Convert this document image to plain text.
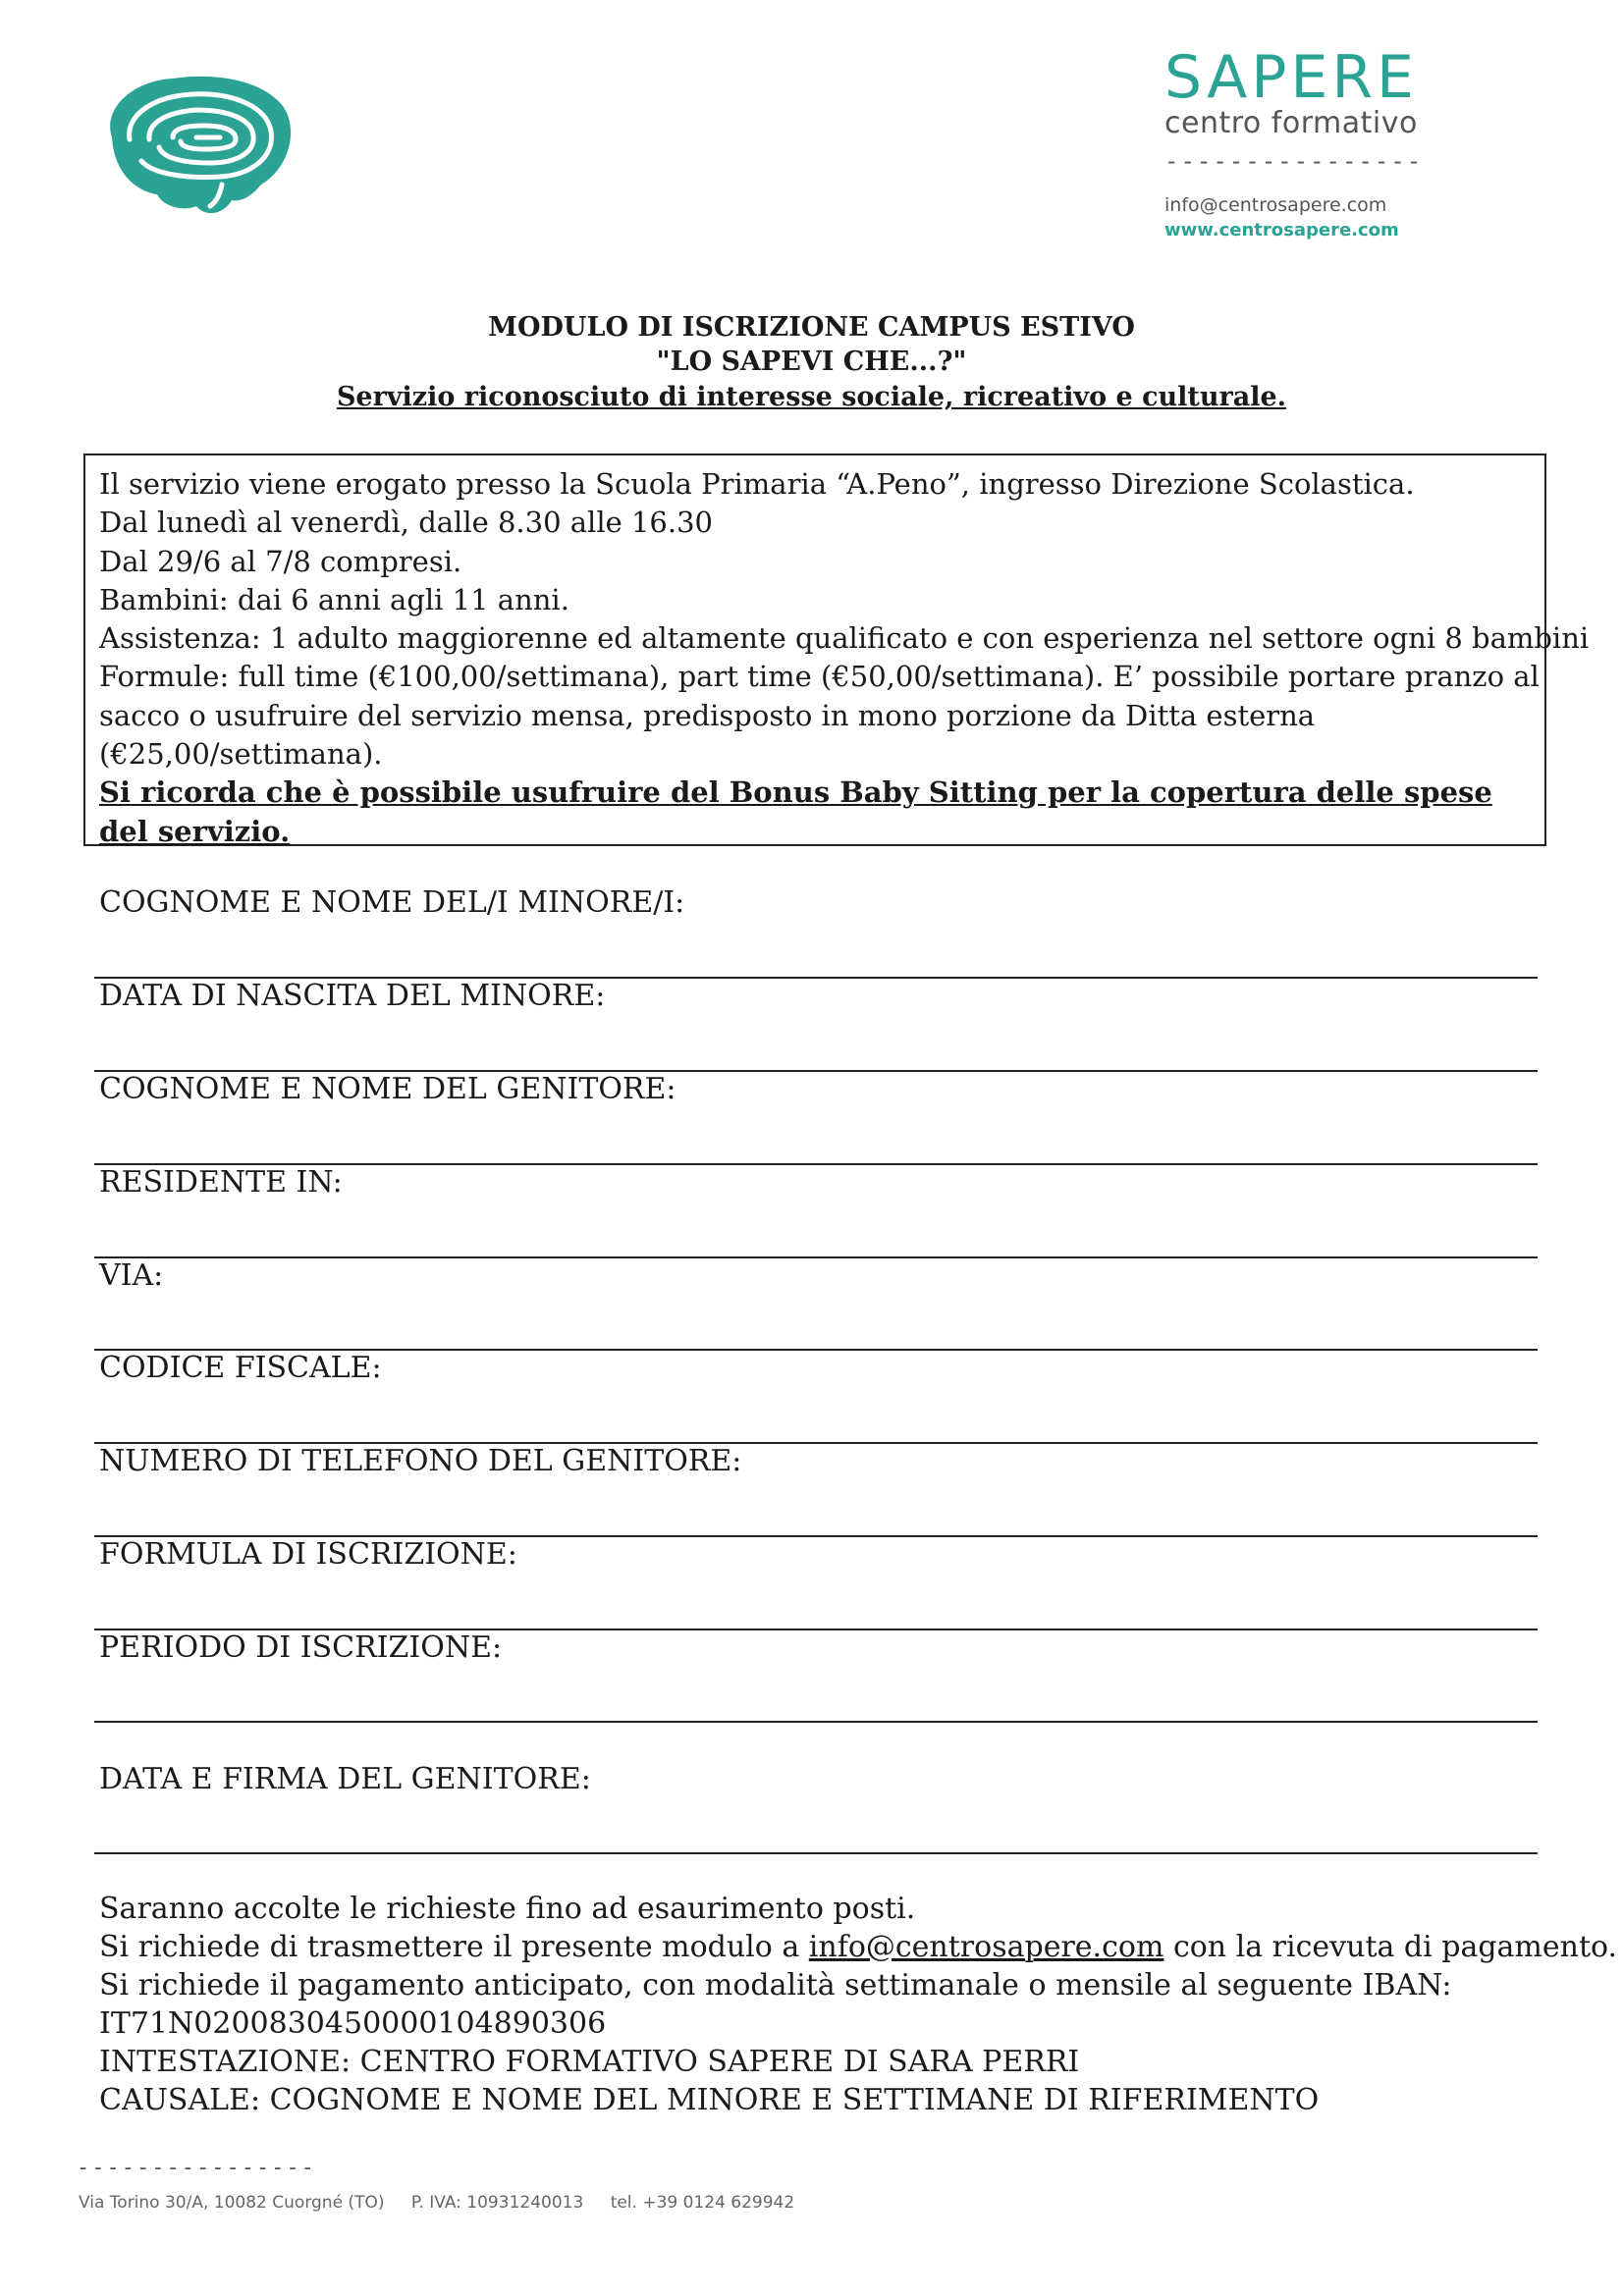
SAPERE
centro formativo
----------------
info@centrosapere.com
www.centrosapere.com
MODULO DI ISCRIZIONE CAMPUS ESTIVO
"LO SAPEVI CHE...?"
Servizio riconosciuto di interesse sociale, ricreativo e culturale.
Il servizio viene erogato presso la Scuola Primaria “A.Peno”, ingresso Direzione Scolastica.
Dal lunedì al venerdì, dalle 8.30 alle 16.30
Dal 29/6 al 7/8 compresi.
Bambini: dai 6 anni agli 11 anni.
Assistenza: 1 adulto maggiorenne ed altamente qualificato e con esperienza nel settore ogni 8 bambini
Formule: full time (€100,00/settimana), part time (€50,00/settimana). E’ possibile portare pranzo al
sacco o usufruire del servizio mensa, predisposto in mono porzione da Ditta esterna
(€25,00/settimana).
Si ricorda che è possibile usufruire del Bonus Baby Sitting per la copertura delle spese del servizio.
COGNOME E NOME DEL/I MINORE/I:
DATA DI NASCITA DEL MINORE:
COGNOME E NOME DEL GENITORE:
RESIDENTE IN:
VIA:
CODICE FISCALE:
NUMERO DI TELEFONO DEL GENITORE:
FORMULA DI ISCRIZIONE:
PERIODO DI ISCRIZIONE:
DATA E FIRMA DEL GENITORE:
Saranno accolte le richieste fino ad esaurimento posti.
Si richiede di trasmettere il presente modulo a info@centrosapere.com con la ricevuta di pagamento.
Si richiede il pagamento anticipato, con modalità settimanale o mensile al seguente IBAN:
IT71N0200830450000104890306
INTESTAZIONE: CENTRO FORMATIVO SAPERE DI SARA PERRI
CAUSALE: COGNOME E NOME DEL MINORE E SETTIMANE DI RIFERIMENTO
----------------
Via Torino 30/A, 10082 Cuorgné (TO) P. IVA: 10931240013 tel. +39 0124 629942
